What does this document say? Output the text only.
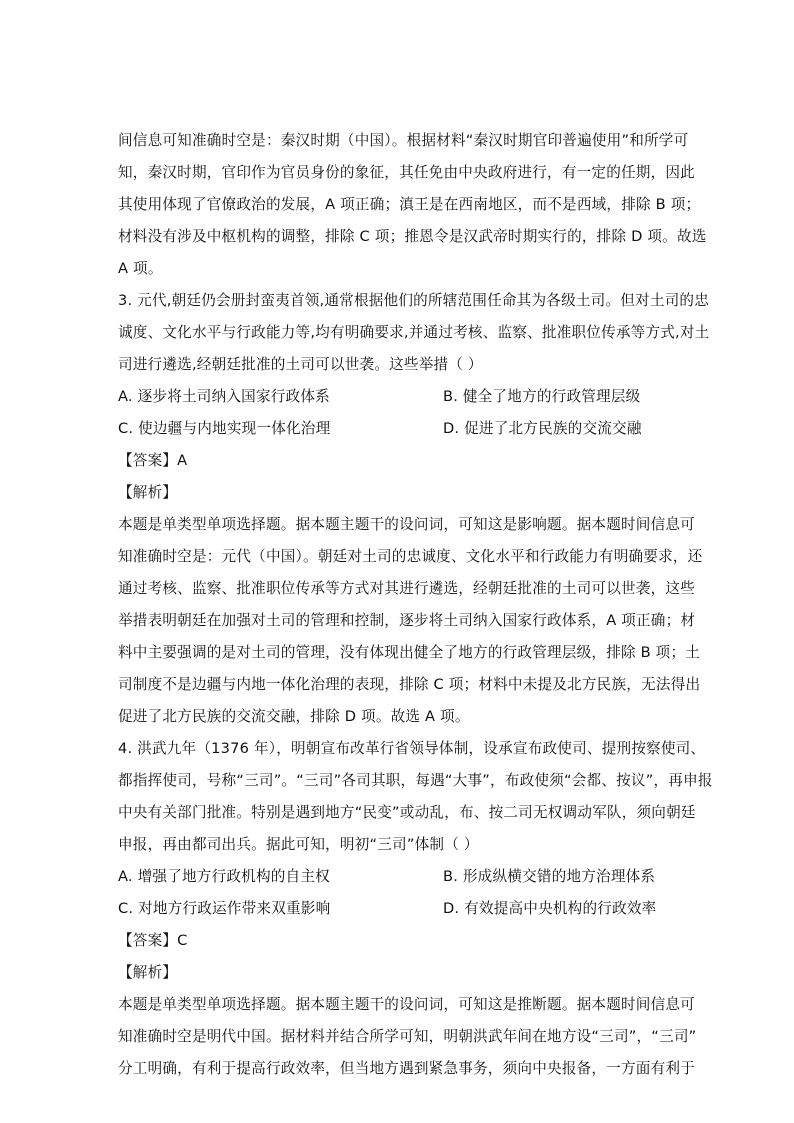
间信息可知准确时空是：秦汉时期（中国）。根据材料“秦汉时期官印普遍使用”和所学可
知，秦汉时期，官印作为官员身份的象征，其任免由中央政府进行，有一定的任期，因此
其使用体现了官僚政治的发展，A 项正确；滇王是在西南地区，而不是西域，排除 B 项；
材料没有涉及中枢机构的调整，排除 C 项；推恩令是汉武帝时期实行的，排除 D 项。故选
A 项。
3. 元代,朝廷仍会册封蛮夷首领,通常根据他们的所辖范围任命其为各级土司。但对土司的忠
诚度、文化水平与行政能力等,均有明确要求,并通过考核、监察、批准职位传承等方式,对土
司进行遴选,经朝廷批准的土司可以世袭。这些举措（ ）
A. 逐步将土司纳入国家行政体系	B. 健全了地方的行政管理层级
C. 使边疆与内地实现一体化治理	D. 促进了北方民族的交流交融
【答案】A
【解析】
本题是单类型单项选择题。据本题主题干的设问词，可知这是影响题。据本题时间信息可
知准确时空是：元代（中国）。朝廷对土司的忠诚度、文化水平和行政能力有明确要求，还
通过考核、监察、批准职位传承等方式对其进行遴选，经朝廷批准的土司可以世袭，这些
举措表明朝廷在加强对土司的管理和控制，逐步将土司纳入国家行政体系，A 项正确；材
料中主要强调的是对土司的管理，没有体现出健全了地方的行政管理层级，排除 B 项；土
司制度不是边疆与内地一体化治理的表现，排除 C 项；材料中未提及北方民族，无法得出
促进了北方民族的交流交融，排除 D 项。故选 A 项。
4. 洪武九年（1376 年），明朝宣布改革行省领导体制，设承宣布政使司、提刑按察使司、
都指挥使司，号称“三司”。“三司”各司其职，每遇“大事”，布政使须“会都、按议”，再申报
中央有关部门批准。特别是遇到地方“民变”或动乱，布、按二司无权调动军队，须向朝廷
申报，再由都司出兵。据此可知，明初“三司”体制（ ）
A. 增强了地方行政机构的自主权	B. 形成纵横交错的地方治理体系
C. 对地方行政运作带来双重影响	D. 有效提高中央机构的行政效率
【答案】C
【解析】
本题是单类型单项选择题。据本题主题干的设问词，可知这是推断题。据本题时间信息可
知准确时空是明代中国。据材料并结合所学可知，明朝洪武年间在地方设“三司”，“三司”
分工明确，有利于提高行政效率，但当地方遇到紧急事务，须向中央报备，一方面有利于
